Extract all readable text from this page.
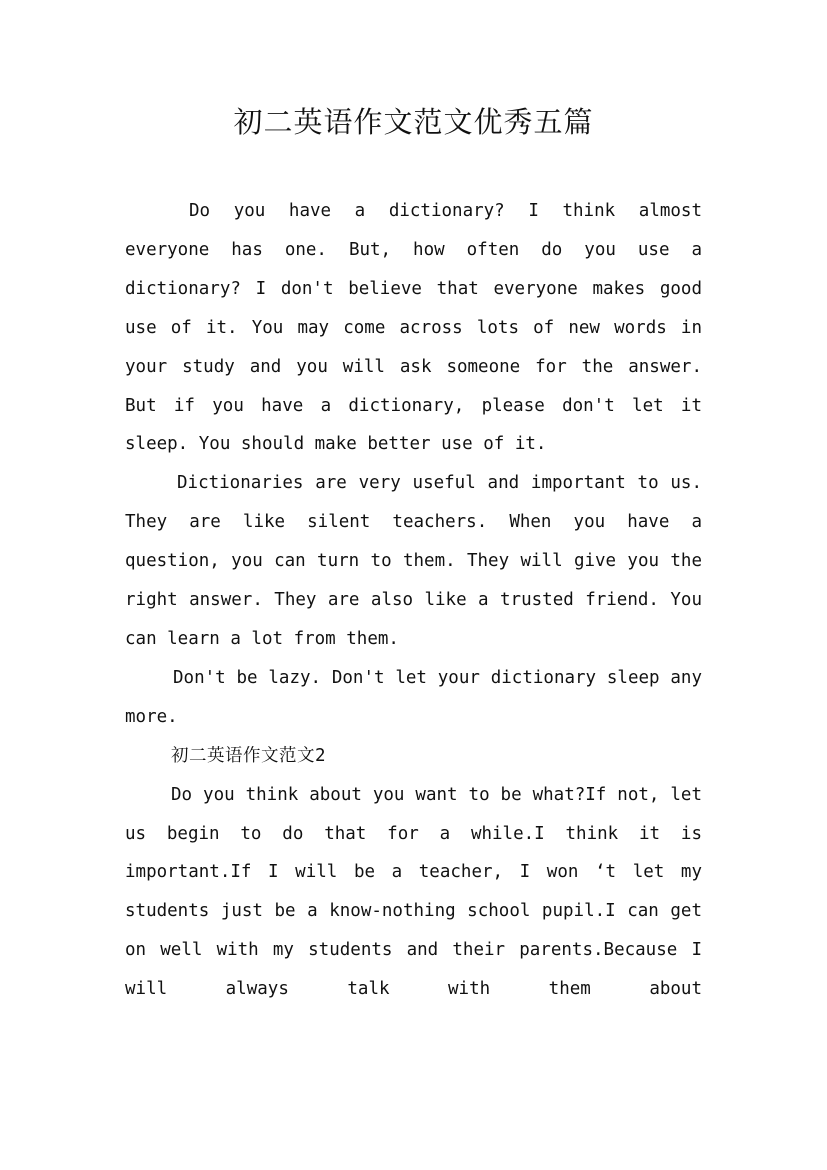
初二英语作文范文优秀五篇

Do you have a dictionary? I think almost everyone has one. But, how often do you use a dictionary? I don't believe that everyone makes good use of it. You may come across lots of new words in your study and you will ask someone for the answer. But if you have a dictionary, please don't let it sleep. You should make better use of it.

Dictionaries are very useful and important to us. They are like silent teachers. When you have a question, you can turn to them. They will give you the right answer. They are also like a trusted friend. You can learn a lot from them.

Don't be lazy. Don't let your dictionary sleep any more.

初二英语作文范文2

Do you think about you want to be what?If not, let us begin to do that for a while.I think it is important.If I will be a teacher, I won ‘t let my students just be a know-nothing school pupil.I can get on well with my students and their parents.Because I will always talk with them about
